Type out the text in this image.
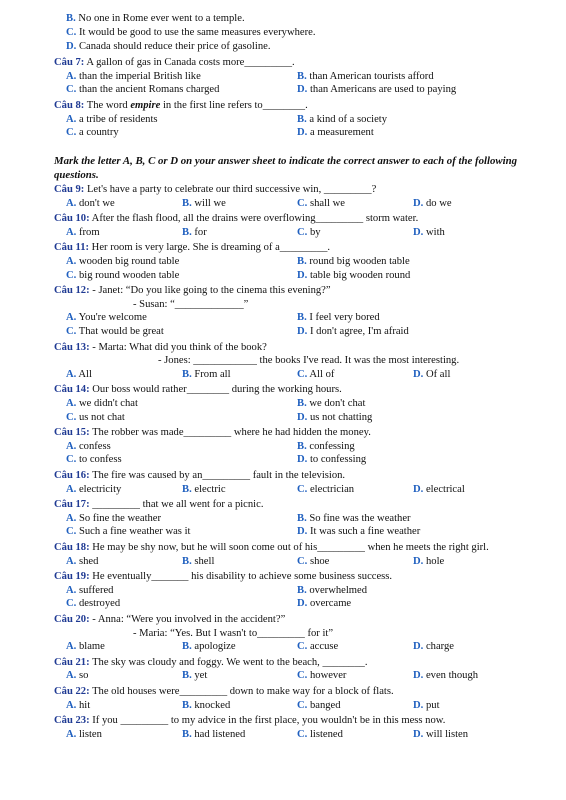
B. No one in Rome ever went to a temple.
C. It would be good to use the same measures everywhere.
D. Canada should reduce their price of gasoline.
Câu 7: A gallon of gas in Canada costs more_________.
A. than the imperial British like	B. than American tourists afford
C. than the ancient Romans charged	D. than Americans are used to paying
Câu 8: The word empire in the first line refers to________.
A. a tribe of residents	B. a kind of a society
C. a country	D. a measurement
Mark the letter A, B, C or D on your answer sheet to indicate the correct answer to each of the following questions.
Câu 9: Let's have a party to celebrate our third successive win, _________?
A. don't we	B. will we	C. shall we	D. do we
Câu 10: After the flash flood, all the drains were overflowing_________ storm water.
A. from	B. for	C. by	D. with
Câu 11: Her room is very large. She is dreaming of a_________.
A. wooden big round table	B. round big wooden table
C. big round wooden table	D. table big wooden round
Câu 12: - Janet: “Do you like going to the cinema this evening?”
- Susan: “_____________”
A. You're welcome	B. I feel very bored
C. That would be great	D. I don't agree, I'm afraid
Câu 13: - Marta: What did you think of the book?
- Jones: ____________ the books I've read. It was the most interesting.
A. All	B. From all	C. All of	D. Of all
Câu 14: Our boss would rather________ during the working hours.
A. we didn't chat	B. we don't chat
C. us not chat	D. us not chatting
Câu 15: The robber was made_________ where he had hidden the money.
A. confess	B. confessing
C. to confess	D. to confessing
Câu 16: The fire was caused by an_________ fault in the television.
A. electricity	B. electric	C. electrician	D. electrical
Câu 17: _________ that we all went for a picnic.
A. So fine the weather	B. So fine was the weather
C. Such a fine weather was it	D. It was such a fine weather
Câu 18: He may be shy now, but he will soon come out of his_________ when he meets the right girl.
A. shed	B. shell	C. shoe	D. hole
Câu 19: He eventually_______ his disability to achieve some business success.
A. suffered	B. overwhelmed
C. destroyed	D. overcame
Câu 20: - Anna: “Were you involved in the accident?”
- Maria: “Yes. But I wasn't to_________ for it”
A. blame	B. apologize	C. accuse	D. charge
Câu 21: The sky was cloudy and foggy. We went to the beach, ________.
A. so	B. yet	C. however	D. even though
Câu 22: The old houses were_________ down to make way for a block of flats.
A. hit	B. knocked	C. banged	D. put
Câu 23: If you _________ to my advice in the first place, you wouldn't be in this mess now.
A. listen	B. had listened	C. listened	D. will listen
